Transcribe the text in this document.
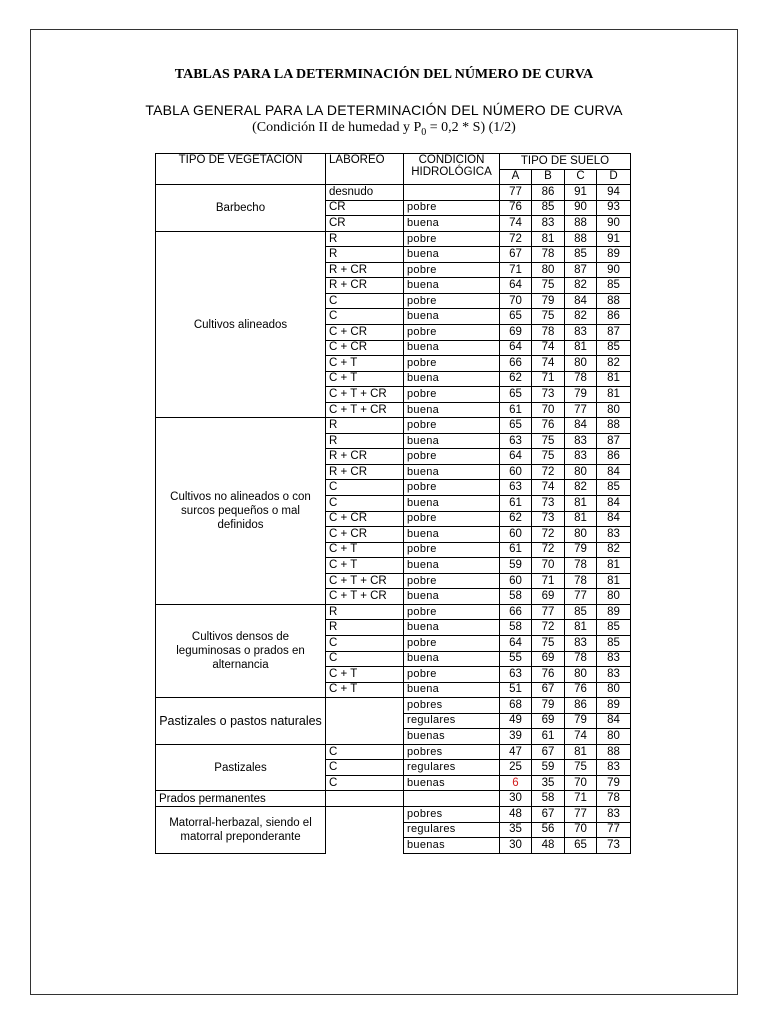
TABLAS PARA LA DETERMINACIÓN DEL NÚMERO DE CURVA
TABLA GENERAL PARA LA DETERMINACIÓN DEL NÚMERO DE CURVA
(Condición II de humedad y $P_0 = 0,2 * S$) (1/2)
TIPO DE VEGETACIÓN	LABOREO	CONDICIÓN HIDROLÓGICA	TIPO DE SUELO			
			A	B	C	D
Barbecho	desnudo		77	86	91	94
	CR	pobre	76	85	90	93
	CR	buena	74	83	88	90
Cultivos alineados	R	pobre	72	81	88	91
	R	buena	67	78	85	89
	R + CR	pobre	71	80	87	90
	R + CR	buena	64	75	82	85
	C	pobre	70	79	84	88
	C	buena	65	75	82	86
	C + CR	pobre	69	78	83	87
	C + CR	buena	64	74	81	85
	C + T	pobre	66	74	80	82
	C + T	buena	62	71	78	81
	C + T + CR	pobre	65	73	79	81
	C + T + CR	buena	61	70	77	80
Cultivos no alineados o con surcos pequeños o mal definidos	R	pobre	65	76	84	88
	R	buena	63	75	83	87
	R + CR	pobre	64	75	83	86
	R + CR	buena	60	72	80	84
	C	pobre	63	74	82	85
	C	buena	61	73	81	84
	C + CR	pobre	62	73	81	84
	C + CR	buena	60	72	80	83
	C + T	pobre	61	72	79	82
	C + T	buena	59	70	78	81
	C + T + CR	pobre	60	71	78	81
	C + T + CR	buena	58	69	77	80
Cultivos densos de leguminosas o prados en alternancia	R	pobre	66	77	85	89
	R	buena	58	72	81	85
	C	pobre	64	75	83	85
	C	buena	55	69	78	83
	C + T	pobre	63	76	80	83
	C + T	buena	51	67	76	80
Pastizales o pastos naturales		pobres	68	79	86	89
		regulares	49	69	79	84
		buenas	39	61	74	80
Pastizales	C	pobres	47	67	81	88
	C	regulares	25	59	75	83
	C	buenas	6	35	70	79
Prados permanentes			30	58	71	78
Matorral-herbazal, siendo el matorral preponderante		pobres	48	67	77	83
		regulares	35	56	70	77
		buenas	30	48	65	73
